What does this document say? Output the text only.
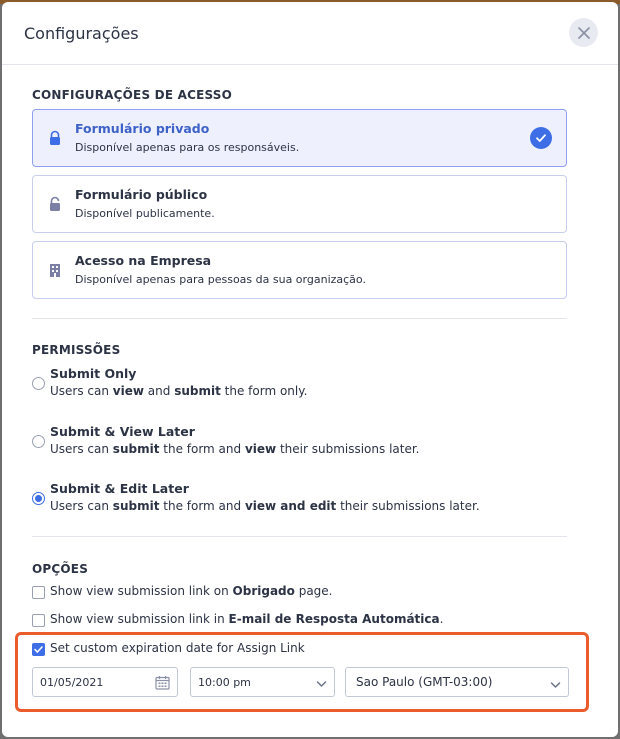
Configurações
CONFIGURAÇÕES DE ACESSO
Formulário privado
Disponível apenas para os responsáveis.
Formulário público
Disponível publicamente.
Acesso na Empresa
Disponível apenas para pessoas da sua organização.
PERMISSÕES
Submit Only
Users can view and submit the form only.
Submit & View Later
Users can submit the form and view their submissions later.
Submit & Edit Later
Users can submit the form and view and edit their submissions later.
OPÇÕES
Show view submission link on Obrigado page.
Show view submission link in E-mail de Resposta Automática.
Set custom expiration date for Assign Link
01/05/2021	10:00 pm	Sao Paulo (GMT-03:00)
